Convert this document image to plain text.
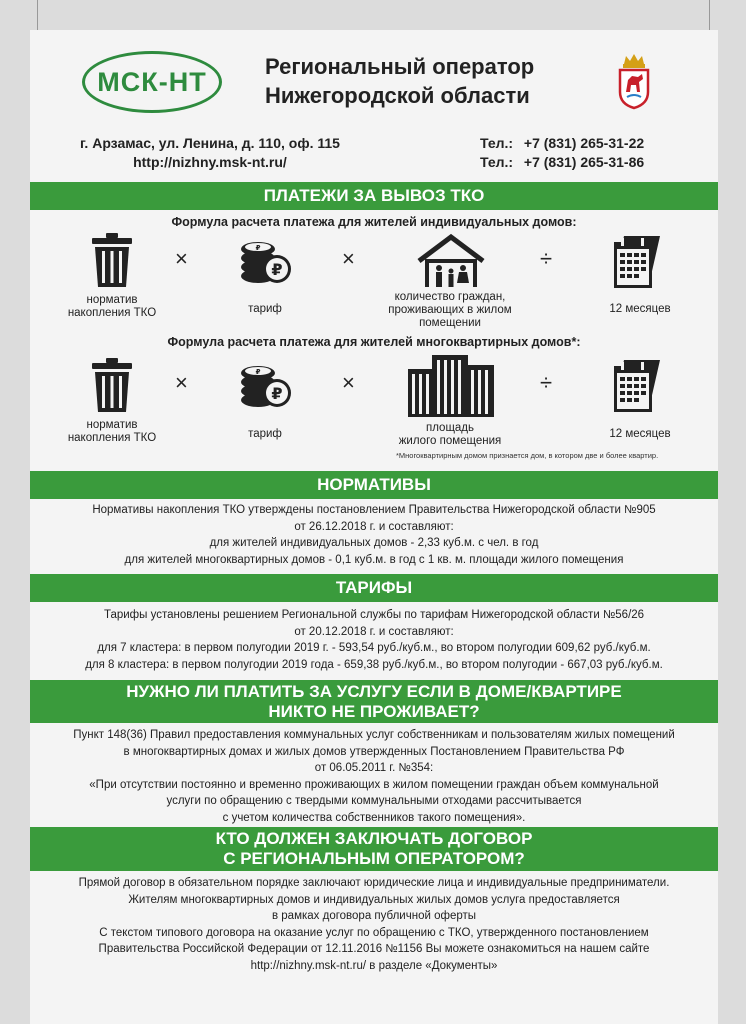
МСК-НТ	Региональный оператор
Нижегородской области
г. Арзамас, ул. Ленина, д. 110, оф. 115
http://nizhny.msk-nt.ru/
Тел.: +7 (831) 265-31-22
Тел.: +7 (831) 265-31-86
ПЛАТЕЖИ ЗА ВЫВОЗ ТКО
Формула расчета платежа для жителей индивидуальных домов:
×	₽
₽	×	÷
норматив
накопления ТКО	тариф
количество граждан,
проживающих в жилом
помещении
12 месяцев
Формула расчета платежа для жителей многоквартирных домов*:
×	₽
₽	×	÷
норматив
накопления ТКО	тариф	площадь
жилого помещения
12 месяцев
*Многоквартирным домом признается дом, в котором две и более квартир.
НОРМАТИВЫ
Нормативы накопления ТКО утверждены постановлением Правительства Нижегородской области №905
от 26.12.2018 г. и составляют:
для жителей индивидуальных домов - 2,33 куб.м. с чел. в год
для жителей многоквартирных домов - 0,1 куб.м. в год с 1 кв. м. площади жилого помещения
ТАРИФЫ
Тарифы установлены решением Региональной службы по тарифам Нижегородской области №56/26
от 20.12.2018 г. и составляют:
для 7 кластера: в первом полугодии 2019 г. - 593,54 руб./куб.м., во втором полугодии 609,62 руб./куб.м.
для 8 кластера: в первом полугодии 2019 года - 659,38 руб./куб.м., во втором полугодии - 667,03 руб./куб.м.
НУЖНО ЛИ ПЛАТИТЬ ЗА УСЛУГУ ЕСЛИ В ДОМЕ/КВАРТИРЕ
НИКТО НЕ ПРОЖИВАЕТ?
Пункт 148(36) Правил предоставления коммунальных услуг собственникам и пользователям жилых помещений
в многоквартирных домах и жилых домов утвержденных Постановлением Правительства РФ
от 06.05.2011 г. №354:
«При отсутствии постоянно и временно проживающих в жилом помещении граждан объем коммунальной
услуги по обращению с твердыми коммунальными отходами рассчитывается
с учетом количества собственников такого помещения».
КТО ДОЛЖЕН ЗАКЛЮЧАТЬ ДОГОВОР
С РЕГИОНАЛЬНЫМ ОПЕРАТОРОМ?
Прямой договор в обязательном порядке заключают юридические лица и индивидуальные предприниматели.
Жителям многоквартирных домов и индивидуальных жилых домов услуга предоставляется
в рамках договора публичной оферты
С текстом типового договора на оказание услуг по обращению с ТКО, утвержденного постановлением
Правительства Российской Федерации от 12.11.2016 №1156 Вы можете ознакомиться на нашем сайте
http://nizhny.msk-nt.ru/ в разделе «Документы»
